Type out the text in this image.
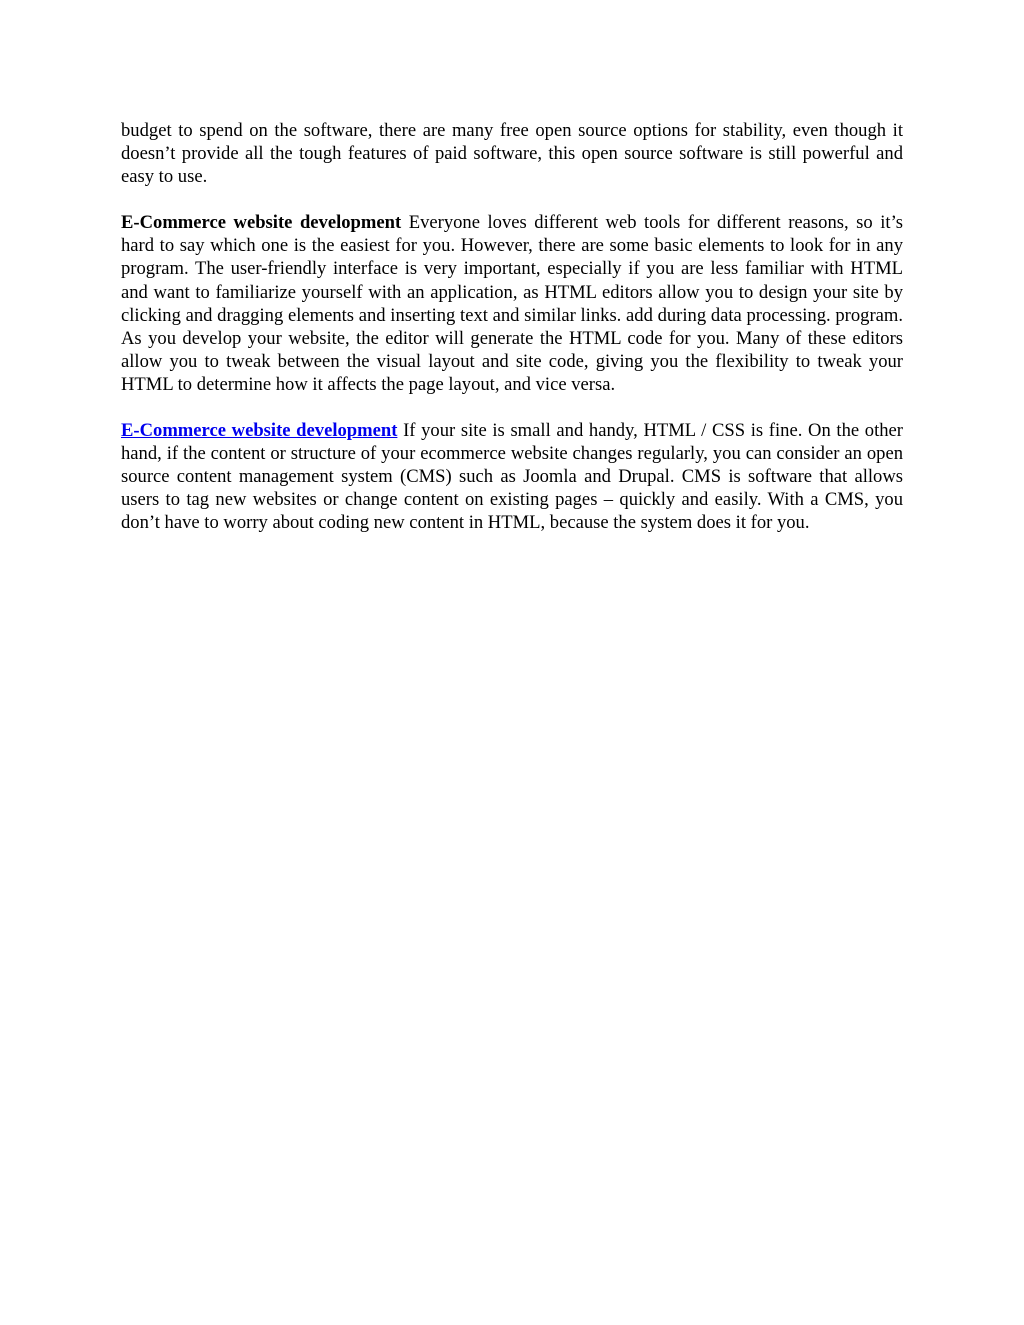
budget to spend on the software, there are many free open source options for stability, even though it doesn’t provide all the tough features of paid software, this open source software is still powerful and easy to use.

E-Commerce website development Everyone loves different web tools for different reasons, so it’s hard to say which one is the easiest for you. However, there are some basic elements to look for in any program. The user-friendly interface is very important, especially if you are less familiar with HTML and want to familiarize yourself with an application, as HTML editors allow you to design your site by clicking and dragging elements and inserting text and similar links. add during data processing. program. As you develop your website, the editor will generate the HTML code for you. Many of these editors allow you to tweak between the visual layout and site code, giving you the flexibility to tweak your HTML to determine how it affects the page layout, and vice versa.

E-Commerce website development If your site is small and handy, HTML / CSS is fine. On the other hand, if the content or structure of your ecommerce website changes regularly, you can consider an open source content management system (CMS) such as Joomla and Drupal. CMS is software that allows users to tag new websites or change content on existing pages – quickly and easily. With a CMS, you don’t have to worry about coding new content in HTML, because the system does it for you.
